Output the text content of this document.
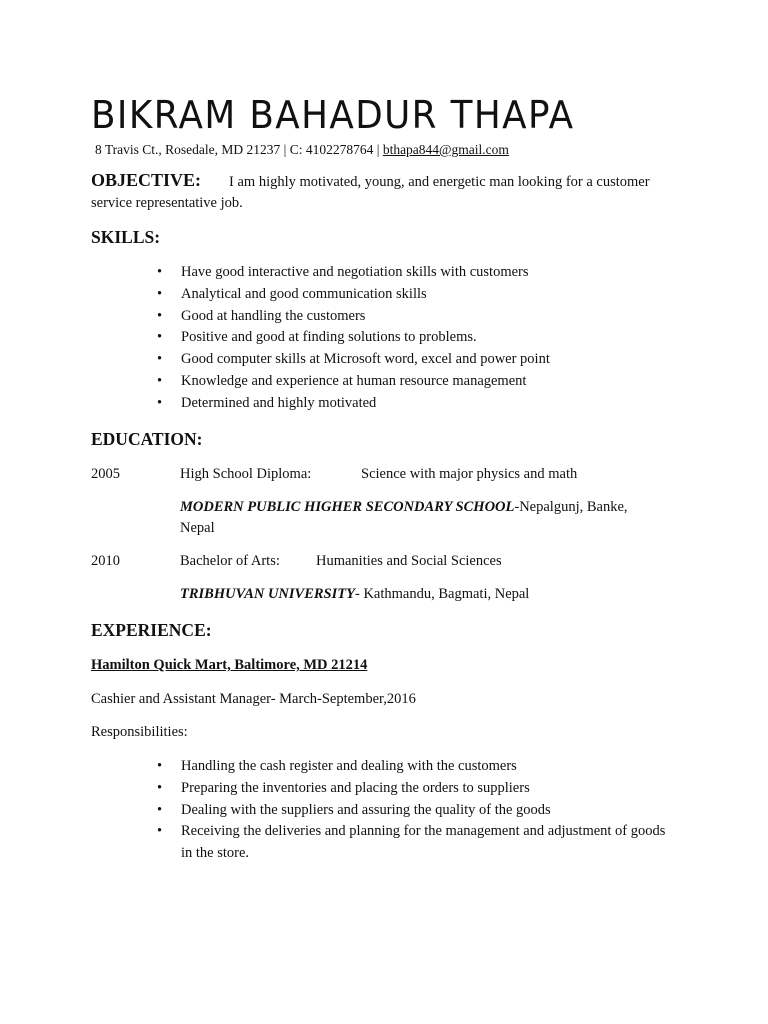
BIKRAM BAHADUR THAPA
8 Travis Ct., Rosedale, MD 21237 | C: 4102278764 | bthapa844@gmail.com
OBJECTIVE: I am highly motivated, young, and energetic man looking for a customer service representative job.
SKILLS:
• Have good interactive and negotiation skills with customers
• Analytical and good communication skills
• Good at handling the customers
• Positive and good at finding solutions to problems.
• Good computer skills at Microsoft word, excel and power point
• Knowledge and experience at human resource management
• Determined and highly motivated
EDUCATION:
2005	High School Diploma:	Science with major physics and math
MODERN PUBLIC HIGHER SECONDARY SCHOOL-Nepalgunj, Banke, Nepal
2010	Bachelor of Arts: Humanities and Social Sciences
TRIBHUVAN UNIVERSITY- Kathmandu, Bagmati, Nepal
EXPERIENCE:
Hamilton Quick Mart, Baltimore, MD 21214
Cashier and Assistant Manager- March-September,2016
Responsibilities:
• Handling the cash register and dealing with the customers
• Preparing the inventories and placing the orders to suppliers
• Dealing with the suppliers and assuring the quality of the goods
• Receiving the deliveries and planning for the management and adjustment of goods in the store.
